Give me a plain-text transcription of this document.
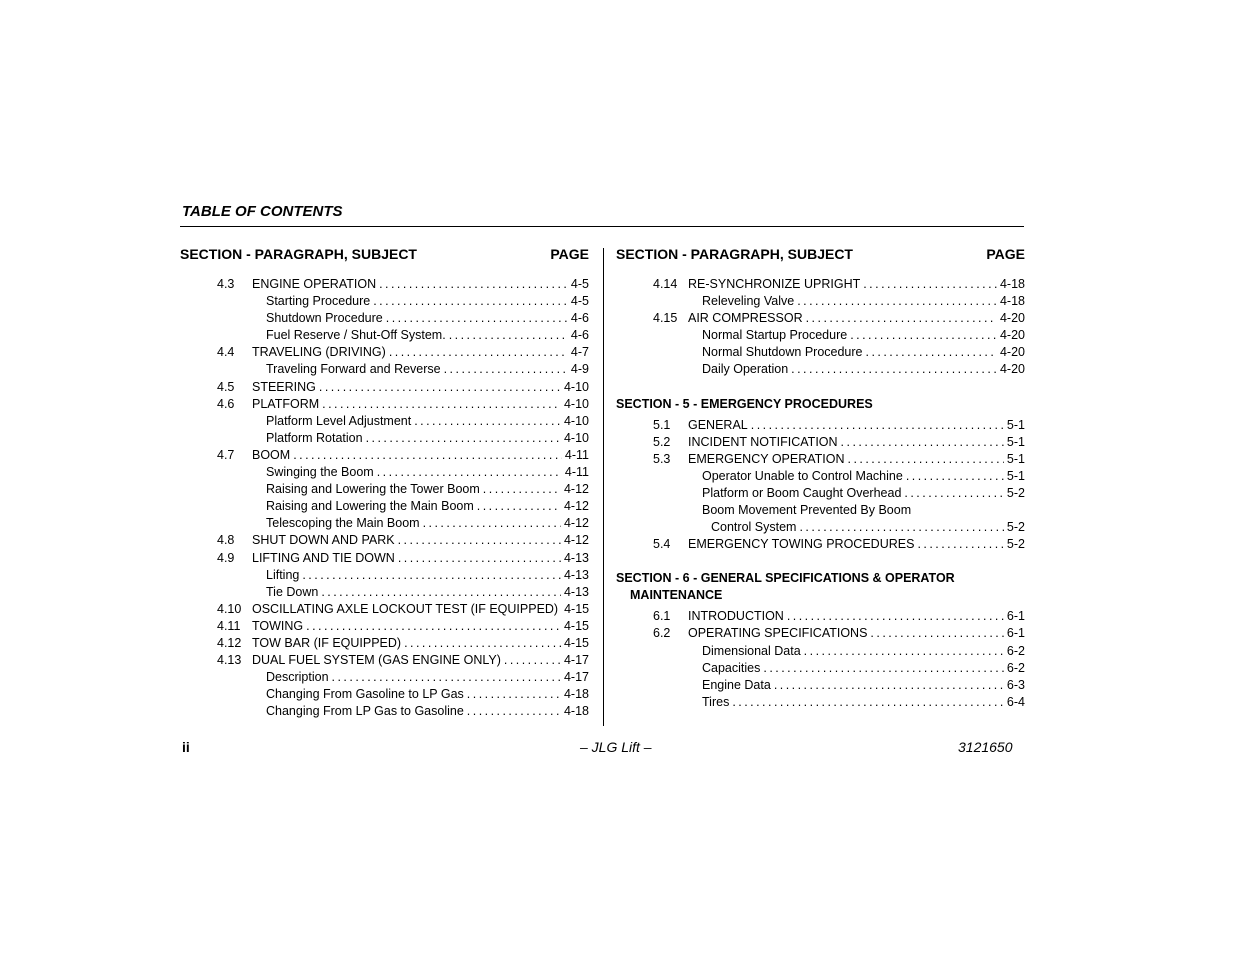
TABLE OF CONTENTS
SECTION - PARAGRAPH, SUBJECT	PAGE
4.3	ENGINE OPERATION . . .	4-5
Starting Procedure . . .	4-5
Shutdown Procedure . . .	4-6
Fuel Reserve / Shut-Off System. . . .	4-6
4.4	TRAVELING (DRIVING) . . .	4-7
Traveling Forward and Reverse . . .	4-9
4.5	STEERING . . .	4-10
4.6	PLATFORM . . .	4-10
Platform Level Adjustment . . .	4-10
Platform Rotation . . .	4-10
4.7	BOOM . . .	4-11
Swinging the Boom . . .	4-11
Raising and Lowering the Tower Boom . . .	4-12
Raising and Lowering the Main Boom . . .	4-12
Telescoping the Main Boom . . .	4-12
4.8	SHUT DOWN AND PARK . . .	4-12
4.9	LIFTING AND TIE DOWN . . .	4-13
Lifting . . .	4-13
Tie Down . . .	4-13
4.10 OSCILLATING AXLE LOCKOUT TEST (IF EQUIPPED) 4-15
4.11 TOWING . . .	4-15
4.12 TOW BAR (IF EQUIPPED) . . .	4-15
4.13 DUAL FUEL SYSTEM (GAS ENGINE ONLY) . . .	4-17
Description . . .	4-17
Changing From Gasoline to LP Gas . . .	4-18
Changing From LP Gas to Gasoline . . .	4-18
SECTION - PARAGRAPH, SUBJECT	PAGE
4.14 RE-SYNCHRONIZE UPRIGHT . . .	4-18
Releveling Valve . . .	4-18
4.15 AIR COMPRESSOR . . .	4-20
Normal Startup Procedure . . .	4-20
Normal Shutdown Procedure . . .	4-20
Daily Operation . . .	4-20
SECTION - 5 - EMERGENCY PROCEDURES
5.1	GENERAL . . .	5-1
5.2	INCIDENT NOTIFICATION . . .	5-1
5.3	EMERGENCY OPERATION . . .	5-1
Operator Unable to Control Machine . . .	5-1
Platform or Boom Caught Overhead . . .	5-2
Boom Movement Prevented By Boom
Control System . . .	5-2
5.4	EMERGENCY TOWING PROCEDURES . . .	5-2
SECTION - 6 - GENERAL SPECIFICATIONS & OPERATOR
MAINTENANCE
6.1	INTRODUCTION . . .	6-1
6.2	OPERATING SPECIFICATIONS . . .	6-1
Dimensional Data . . .	6-2
Capacities . . .	6-2
Engine Data . . .	6-3
Tires . . .	6-4
ii	– JLG Lift –	3121650
